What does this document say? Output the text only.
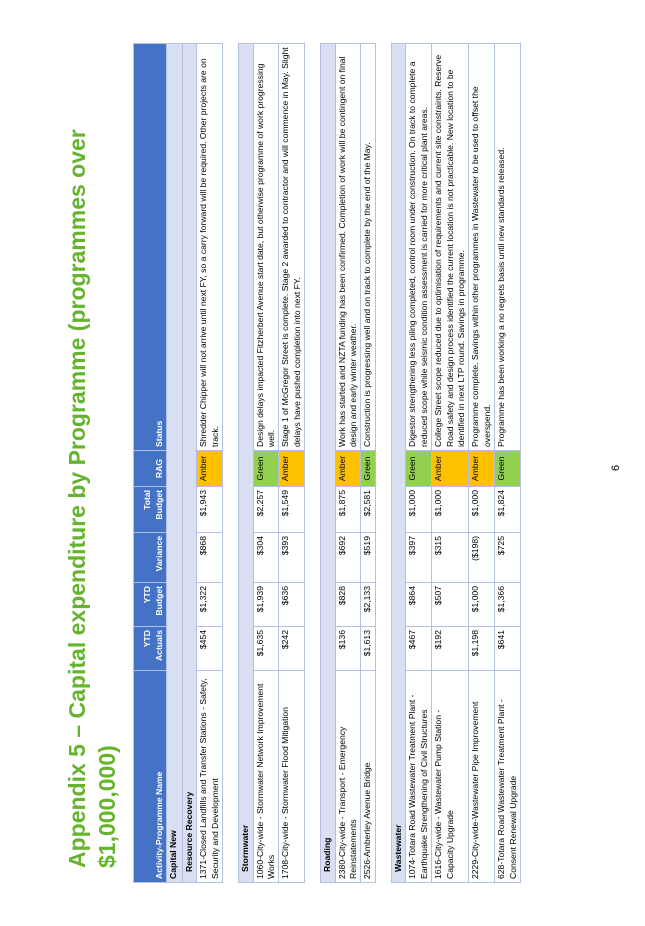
Appendix 5 – Capital expenditure by Programme (programmes over $1,000,000)	Activity-Programme Name	YTD Actuals	YTD Budget	Variance	Total Budget	RAG	Status
Capital New						
Resource Recovery						
1371-Closed Landfills and Transfer Stations - Safety, Security and Development	$454	$1,322	$868	$1,943	Amber	Shredder Chipper will not arrive until next FY, so a carry forward will be required. Other projects are on track.

Stormwater						
1060-City-wide - Stormwater Network Improvement Works	$1,635	$1,939	$304	$2,257	Green	Design delays impacted Fitzherbert Avenue start date, but otherwise programme of work progressing well.
1708-City-wide - Stormwater Flood Mitigation	$242	$636	$393	$1,549	Amber	Stage 1 of McGregor Street is complete. Stage 2 awarded to contractor and will commence in May. Slight delays have pushed completion into next FY.

Roading						
2380-City-wide - Transport - Emergency Reinstatements	$136	$828	$692	$1,875	Amber	Work has started and NZTA funding has been confirmed. Completion of work will be contingent on final design and early winter weather.
2526-Amberley Avenue Bridge	$1,613	$2,133	$519	$2,581	Green	Construction is progressing well and on track to complete by the end of the May.

Wastewater						
1074-Totara Road Wastewater Treatment Plant - Earthquake Strengthening of Civil Structures	$467	$864	$397	$1,000	Green	Digestor strengthening less piling completed, control room under construction. On track to complete a reduced scope while seismic condition assessment is carried for more critical plant areas.
1616-City-wide - Wastewater Pump Station - Capacity Upgrade	$192	$507	$315	$1,000	Amber	College Street scope reduced due to optimisation of requirements and current site constraints. Reserve Road safety and design process identified the current location is not practicable. New location to be identified in next LTP round. Savings in programme.
2229-City-wide-Wastewater Pipe Improvement	$1,198	$1,000	($198)	$1,000	Amber	Programme complete. Savings within other programmes in Wastewater to be used to offset the overspend.
628-Totara Road Wastewater Treatment Plant - Consent Renewal Upgrade	$641	$1,366	$725	$1,824	Green	Programme has been working a no regrets basis until new standards released.
6
